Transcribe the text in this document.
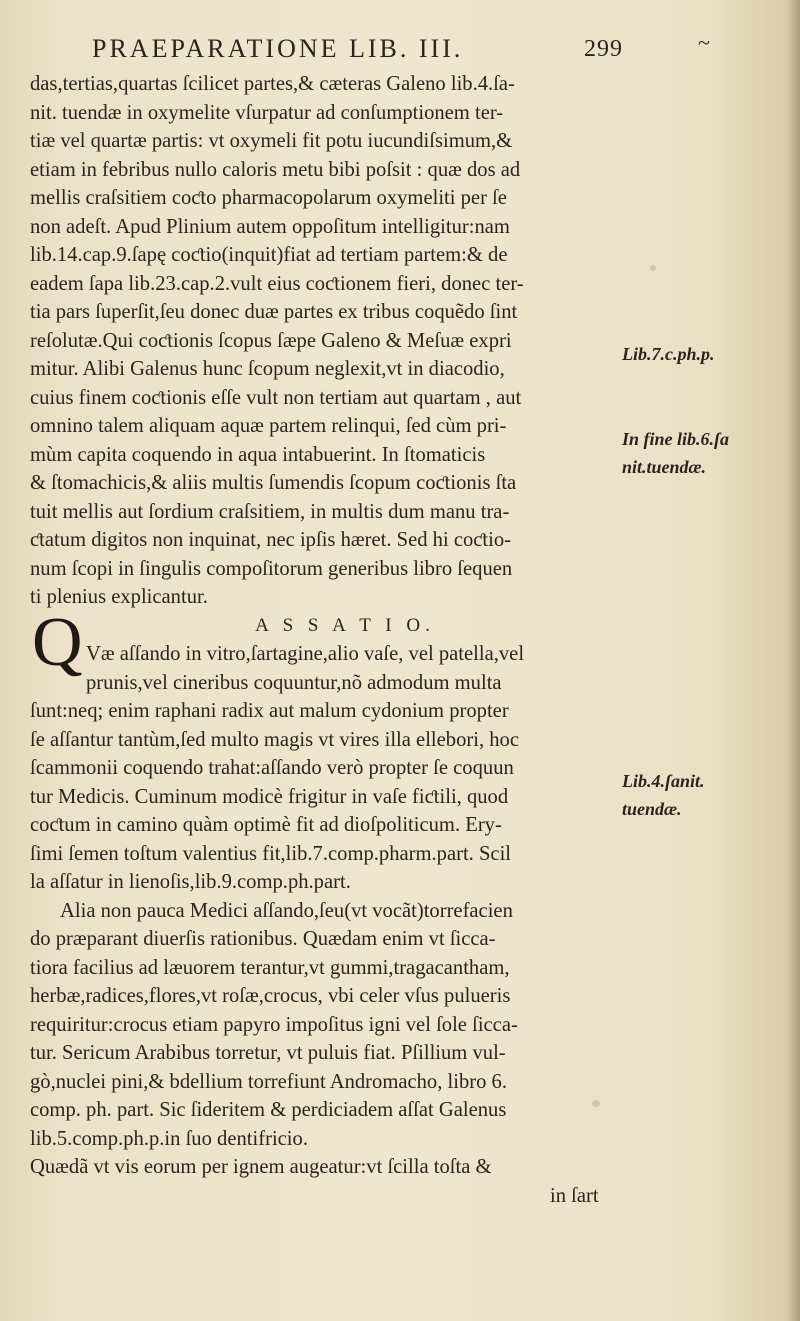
PRAEPARATIONE LIB. III.	299	~
das,tertias,quartas ſcilicet partes,& cæteras Galeno lib.4.ſa-
nit. tuendæ in oxymelite vſurpatur ad conſumptionem ter-
tiæ vel quartæ partis: vt oxymeli fit potu iucundiſsimum,&
etiam in febribus nullo caloris metu bibi poſsit : quæ dos ad
mellis craſsitiem coƈto pharmacopolarum oxymeliti per ſe
non adeſt. Apud Plinium autem oppoſitum intelligitur:nam
lib.14.cap.9.ſapę coƈtio(inquit)fiat ad tertiam partem:& de
eadem ſapa lib.23.cap.2.vult eius coƈtionem fieri, donec ter-
tia pars ſuperſit,ſeu donec duæ partes ex tribus coquẽdo ſint
reſolutæ.Qui coƈtionis ſcopus ſæpe Galeno & Meſuæ expri
mitur. Alibi Galenus hunc ſcopum neglexit,vt in diacodio,
cuius finem coƈtionis eſſe vult non tertiam aut quartam , aut
omnino talem aliquam aquæ partem relinqui, ſed cùm pri-
mùm capita coquendo in aqua intabuerint. In ſtomaticis
& ſtomachicis,& aliis multis ſumendis ſcopum coƈtionis ſta
tuit mellis aut ſordium craſsitiem, in multis dum manu tra-
ƈtatum digitos non inquinat, nec ipſis hæret. Sed hi coƈtio-
num ſcopi in ſingulis compoſitorum generibus libro ſequen
ti plenius explicantur.
A S S A T I O.
Væ aſſando in vitro,ſartagine,alio vaſe, vel patella,vel
prunis,vel cineribus coquuntur,nõ admodum multa
ſunt:neq; enim raphani radix aut malum cydonium propter
ſe aſſantur tantùm,ſed multo magis vt vires illa ellebori, hoc
ſcammonii coquendo trahat:aſſando verò propter ſe coquun
tur Medicis. Cuminum modicè frigitur in vaſe fiƈtili, quod
coƈtum in camino quàm optimè fit ad dioſpoliticum. Ery-
ſimi ſemen toſtum valentius fit,lib.7.comp.pharm.part. Scil
la aſſatur in lienoſis,lib.9.comp.ph.part.
Alia non pauca Medici aſſando,ſeu(vt vocãt)torrefacien
do præparant diuerſis rationibus. Quædam enim vt ſicca-
tiora facilius ad læuorem terantur,vt gummi,tragacantham,
herbæ,radices,flores,vt roſæ,crocus, vbi celer vſus pulueris
requiritur:crocus etiam papyro impoſitus igni vel ſole ſicca-
tur. Sericum Arabibus torretur, vt puluis fiat. Pſillium vul-
gò,nuclei pini,& bdellium torrefiunt Andromacho, libro 6.
comp. ph. part. Sic ſideritem & perdiciadem aſſat Galenus
lib.5.comp.ph.p.in ſuo dentifricio.
Quædã vt vis eorum per ignem augeatur:vt ſcilla toſta &
in ſart
Q
Lib.7.c.ph.p.
In fine lib.6.ſa
nit.tuendæ.
Lib.4.ſanit.
tuendæ.
